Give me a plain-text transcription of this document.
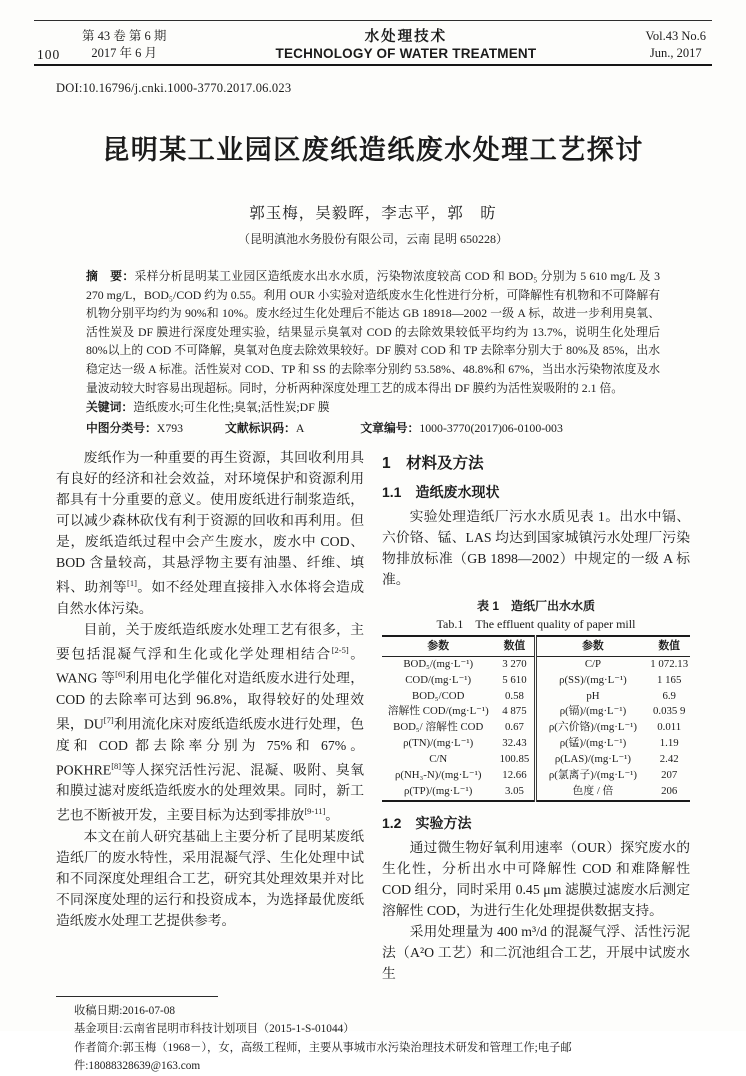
100
第 43 卷 第 6 期
2017 年 6 月
水处理技术
TECHNOLOGY OF WATER TREATMENT
Vol.43 No.6
Jun., 2017
DOI:10.16796/j.cnki.1000-3770.2017.06.023
昆明某工业园区废纸造纸废水处理工艺探讨
郭玉梅，吴毅晖，李志平，郭　昉
（昆明滇池水务股份有限公司，云南 昆明 650228）
摘　要：采样分析昆明某工业园区造纸废水出水水质，污染物浓度较高 COD 和 BOD₅ 分别为 5 610 mg/L 及 3 270 mg/L，BOD₅/COD 约为 0.55。利用 OUR 小实验对造纸废水生化性进行分析，可降解性有机物和不可降解有机物分别平均约为 90%和 10%。废水经过生化处理后不能达 GB 18918—2002 一级 A 标，故进一步利用臭氧、活性炭及 DF 膜进行深度处理实验，结果显示臭氧对 COD 的去除效果较低平均约为 13.7%，说明生化处理后 80%以上的 COD 不可降解，臭氧对色度去除效果较好。DF 膜对 COD 和 TP 去除率分别大于 80%及 85%，出水稳定达一级 A 标准。活性炭对 COD、TP 和 SS 的去除率分别约 53.58%、48.8%和 67%，当出水污染物浓度及水量波动较大时容易出现超标。同时，分析两种深度处理工艺的成本得出 DF 膜约为活性炭吸附的 2.1 倍。
关键词：造纸废水;可生化性;臭氧;活性炭;DF 膜
中图分类号：X793	文献标识码：A	文章编号：1000-3770(2017)06-0100-003

废纸作为一种重要的再生资源，其回收利用具有良好的经济和社会效益，对环境保护和资源利用都具有十分重要的意义。使用废纸进行制浆造纸，可以减少森林砍伐有利于资源的回收和再利用。但是，废纸造纸过程中会产生废水，废水中 COD、BOD 含量较高，其悬浮物主要有油墨、纤维、填料、助剂等[1]。如不经处理直接排入水体将会造成自然水体污染。

目前，关于废纸造纸废水处理工艺有很多，主要包括混凝气浮和生化或化学处理相结合[2-5]。WANG 等[6]利用电化学催化对造纸废水进行处理，COD 的去除率可达到 96.8%，取得较好的处理效果，DU[7]利用流化床对废纸造纸废水进行处理，色度和 COD 都去除率分别为 75%和 67%。POKHRE[8]等人探究活性污泥、混凝、吸附、臭氧和膜过滤对废纸造纸废水的处理效果。同时，新工艺也不断被开发，主要目标为达到零排放[9-11]。

本文在前人研究基础上主要分析了昆明某废纸造纸厂的废水特性，采用混凝气浮、生化处理中试和不同深度处理组合工艺，研究其处理效果并对比不同深度处理的运行和投资成本，为选择最优废纸造纸废水处理工艺提供参考。

1　材料及方法
1.1　造纸废水现状

实验处理造纸厂污水水质见表 1。出水中镉、六价铬、锰、LAS 均达到国家城镇污水处理厂污染物排放标准（GB 1898—2002）中规定的一级 A 标准。

表 1　造纸厂出水水质
Tab.1　The effluent quality of paper mill
参数	数值	参数	数值
BOD₅/(mg·L⁻¹)	3 270	C/P	1 072.13
COD/(mg·L⁻¹)	5 610	ρ(SS)/(mg·L⁻¹)	1 165
BOD₅/COD	0.58	pH	6.9
溶解性 COD/(mg·L⁻¹)	4 875	ρ(镉)/(mg·L⁻¹)	0.035 9
BOD₅/ 溶解性 COD	0.67	ρ(六价铬)/(mg·L⁻¹)	0.011
ρ(TN)/(mg·L⁻¹)	32.43	ρ(锰)/(mg·L⁻¹)	1.19
C/N	100.85	ρ(LAS)/(mg·L⁻¹)	2.42
ρ(NH₃-N)/(mg·L⁻¹)	12.66	ρ(氯离子)/(mg·L⁻¹)	207
ρ(TP)/(mg·L⁻¹)	3.05	色度 / 倍	206
1.2　实验方法

通过微生物好氧利用速率（OUR）探究废水的生化性，分析出水中可降解性 COD 和难降解性 COD 组分，同时采用 0.45 μm 滤膜过滤废水后测定溶解性 COD，为进行生化处理提供数据支持。

采用处理量为 400 m³/d 的混凝气浮、活性污泥法（A²O 工艺）和二沉池组合工艺，开展中试废水生

收稿日期:2016-07-08
基金项目:云南省昆明市科技计划项目（2015-1-S-01044）
作者简介:郭玉梅（1968－），女，高级工程师，主要从事城市水污染治理技术研发和管理工作;电子邮件:18088328639@163.com
